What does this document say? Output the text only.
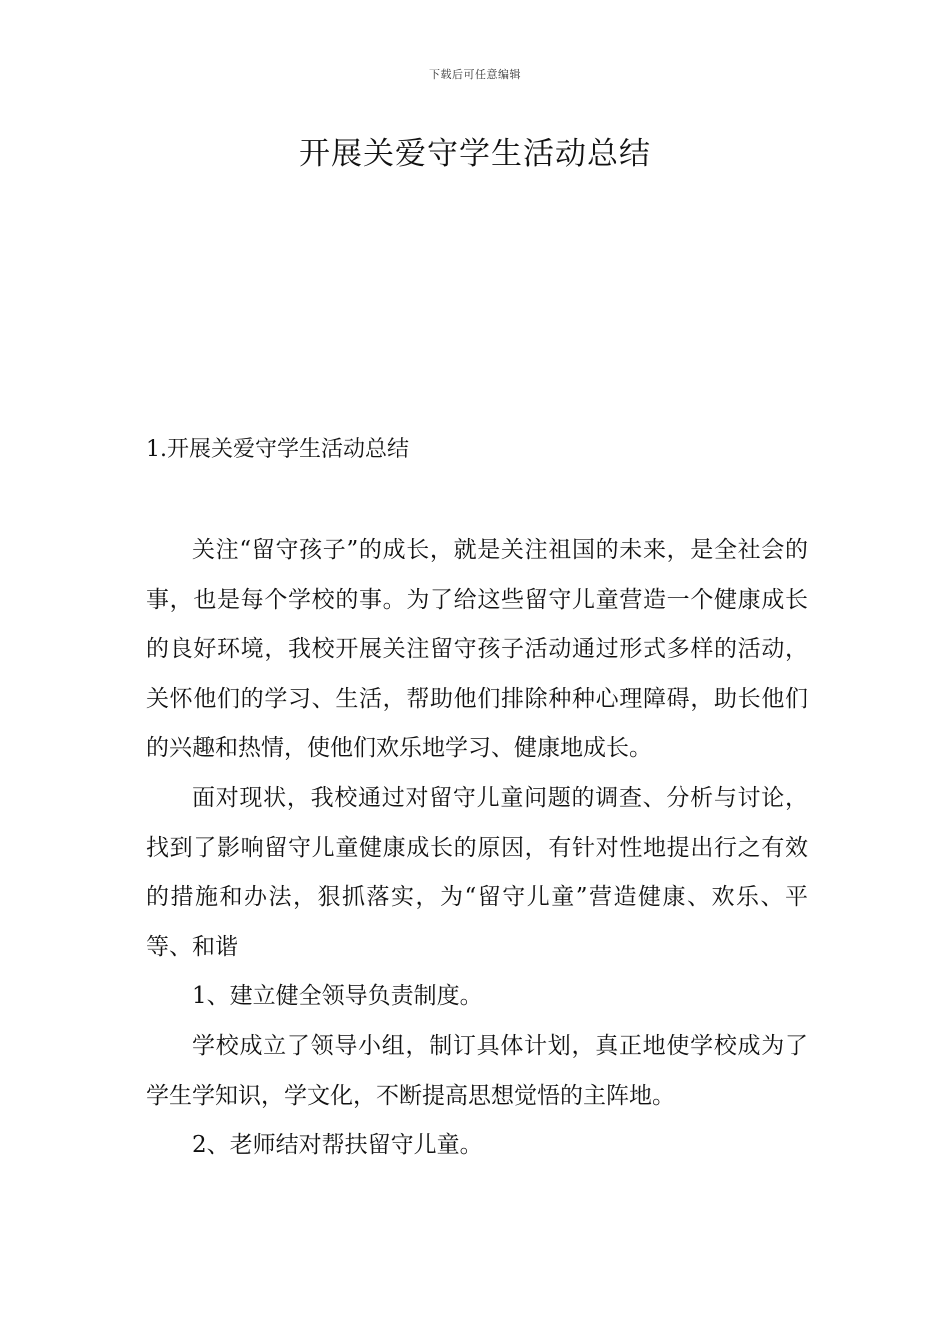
下载后可任意编辑
开展关爱守学生活动总结
1.开展关爱守学生活动总结

关注“留守孩子”的成长，就是关注祖国的未来，是全社会的事，也是每个学校的事。为了给这些留守儿童营造一个健康成长的良好环境，我校开展关注留守孩子活动通过形式多样的活动，关怀他们的学习、生活，帮助他们排除种种心理障碍，助长他们的兴趣和热情，使他们欢乐地学习、健康地成长。

面对现状，我校通过对留守儿童问题的调查、分析与讨论，找到了影响留守儿童健康成长的原因，有针对性地提出行之有效的措施和办法，狠抓落实，为“留守儿童”营造健康、欢乐、平等、和谐

1、建立健全领导负责制度。

学校成立了领导小组，制订具体计划，真正地使学校成为了学生学知识，学文化，不断提高思想觉悟的主阵地。

2、老师结对帮扶留守儿童。
